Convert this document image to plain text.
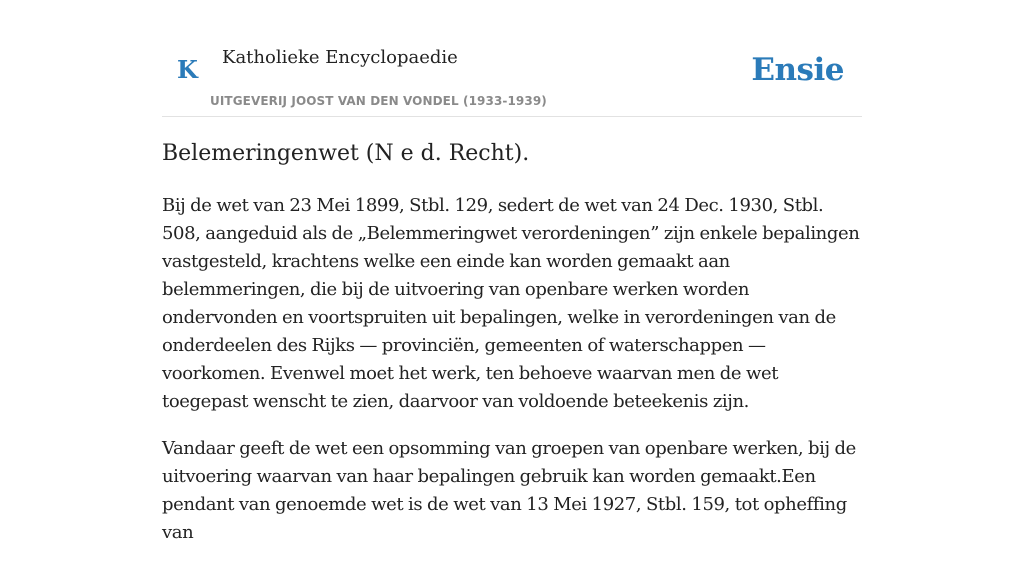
K Katholieke Encyclopaedie
UITGEVERIJ JOOST VAN DEN VONDEL (1933-1939)
Ensie
Belemeringenwet (N e d. Recht).

Bij de wet van 23 Mei 1899, Stbl. 129, sedert de wet van 24 Dec. 1930, Stbl. 508, aangeduid als de „Belemmeringwet verordeningen” zijn enkele bepalingen vastgesteld, krachtens welke een einde kan worden gemaakt aan belemmeringen, die bij de uitvoering van openbare werken worden ondervonden en voortspruiten uit bepalingen, welke in verordeningen van de onderdeelen des Rijks — provinciën, gemeenten of waterschappen — voorkomen. Evenwel moet het werk, ten behoeve waarvan men de wet toegepast wenscht te zien, daarvoor van voldoende beteekenis zijn.

Vandaar geeft de wet een opsomming van groepen van openbare werken, bij de uitvoering waarvan van haar bepalingen gebruik kan worden gemaakt.Een pendant van genoemde wet is de wet van 13 Mei 1927, Stbl. 159, tot opheffing van
